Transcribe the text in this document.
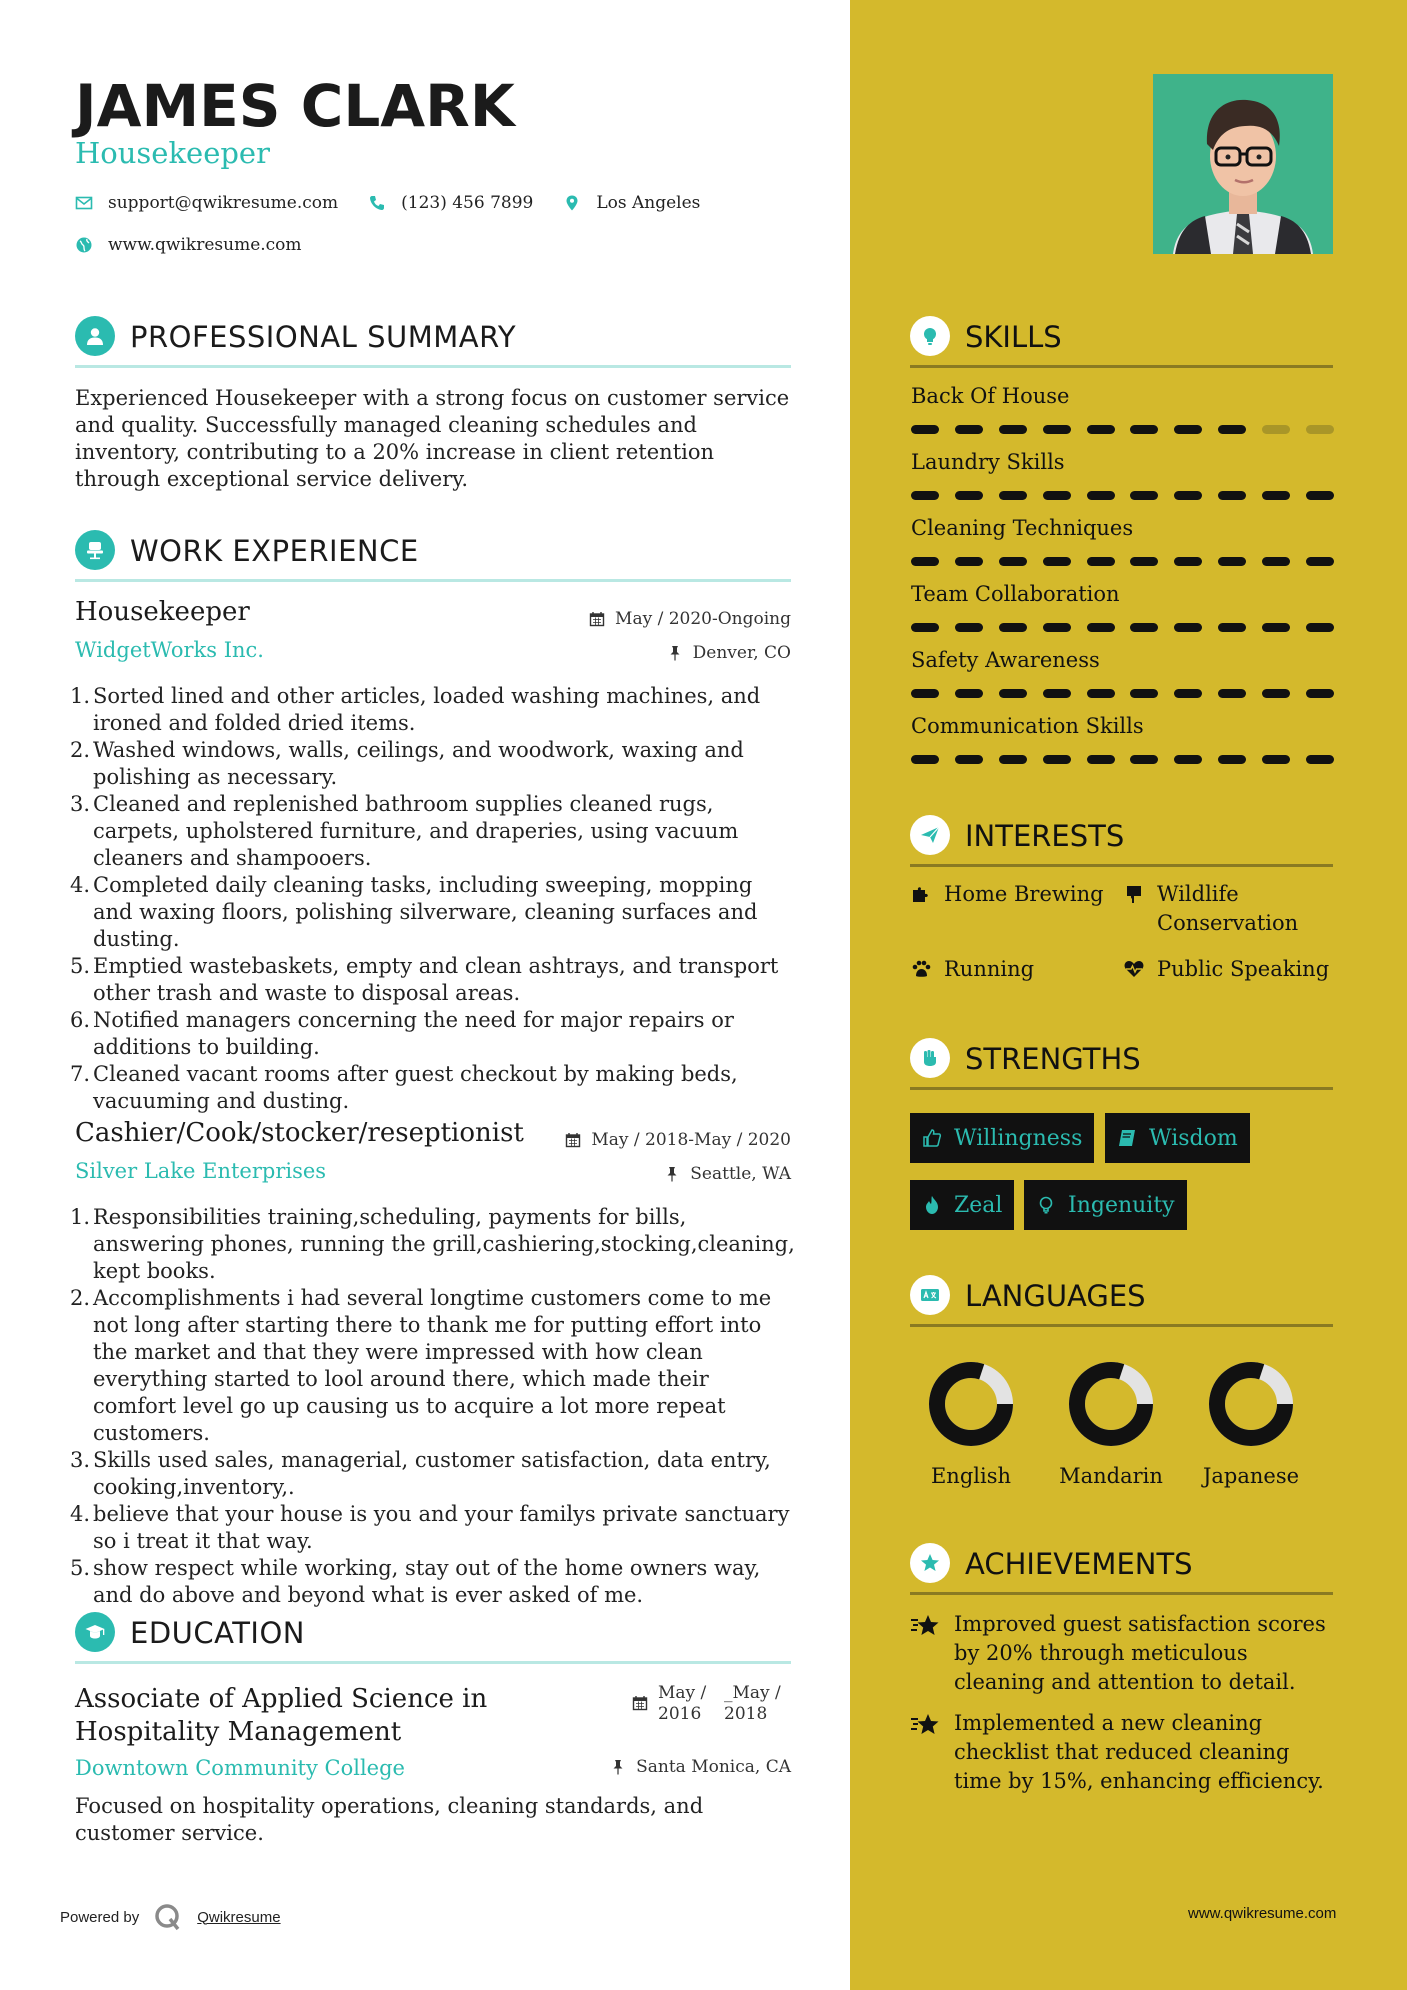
JAMES CLARK
Housekeeper
support@qwikresume.com	(123) 456 7899	Los Angeles
www.qwikresume.com
PROFESSIONAL SUMMARY
Experienced Housekeeper with a strong focus on customer service and quality. Successfully managed cleaning schedules and inventory, contributing to a 20% increase in client retention through exceptional service delivery.
WORK EXPERIENCE
Housekeeper
WidgetWorks Inc.
May / 2020-Ongoing
Denver, CO
1. Sorted lined and other articles, loaded washing machines, and ironed and folded dried items.
2. Washed windows, walls, ceilings, and woodwork, waxing and polishing as necessary.
3. Cleaned and replenished bathroom supplies cleaned rugs, carpets, upholstered furniture, and draperies, using vacuum cleaners and shampooers.
4. Completed daily cleaning tasks, including sweeping, mopping and waxing floors, polishing silverware, cleaning surfaces and dusting.
5. Emptied wastebaskets, empty and clean ashtrays, and transport other trash and waste to disposal areas.
6. Notified managers concerning the need for major repairs or additions to building.
7. Cleaned vacant rooms after guest checkout by making beds, vacuuming and dusting.
Cashier/Cook/stocker/reseptionist
Silver Lake Enterprises
May / 2018-May / 2020
Seattle, WA
1. Responsibilities training,scheduling, payments for bills, answering phones, running the grill,cashiering,stocking,cleaning, kept books.
2. Accomplishments i had several longtime customers come to me not long after starting there to thank me for putting effort into the market and that they were impressed with how clean everything started to lool around there, which made their comfort level go up causing us to acquire a lot more repeat customers.
3. Skills used sales, managerial, customer satisfaction, data entry, cooking,inventory,.
4. believe that your house is you and your familys private sanctuary so i treat it that way.
5. show respect while working, stay out of the home owners way, and do above and beyond what is ever asked of me.
EDUCATION
Associate of Applied Science in
Hospitality Management
May /
2016
_May /
2018
Downtown Community College	Santa Monica, CA
Focused on hospitality operations, cleaning standards, and customer service.
Powered by	Qwikresume
SKILLS
Back Of House
Laundry Skills
Cleaning Techniques
Team Collaboration
Safety Awareness
Communication Skills
INTERESTS
Home Brewing	Wildlife
Conservation
Running	Public Speaking
STRENGTHS
Willingness	Wisdom
Zeal	Ingenuity
LANGUAGES
English	Mandarin	Japanese
ACHIEVEMENTS
Improved guest satisfaction scores by 20% through meticulous cleaning and attention to detail.
Implemented a new cleaning checklist that reduced cleaning time by 15%, enhancing efficiency.
www.qwikresume.com
